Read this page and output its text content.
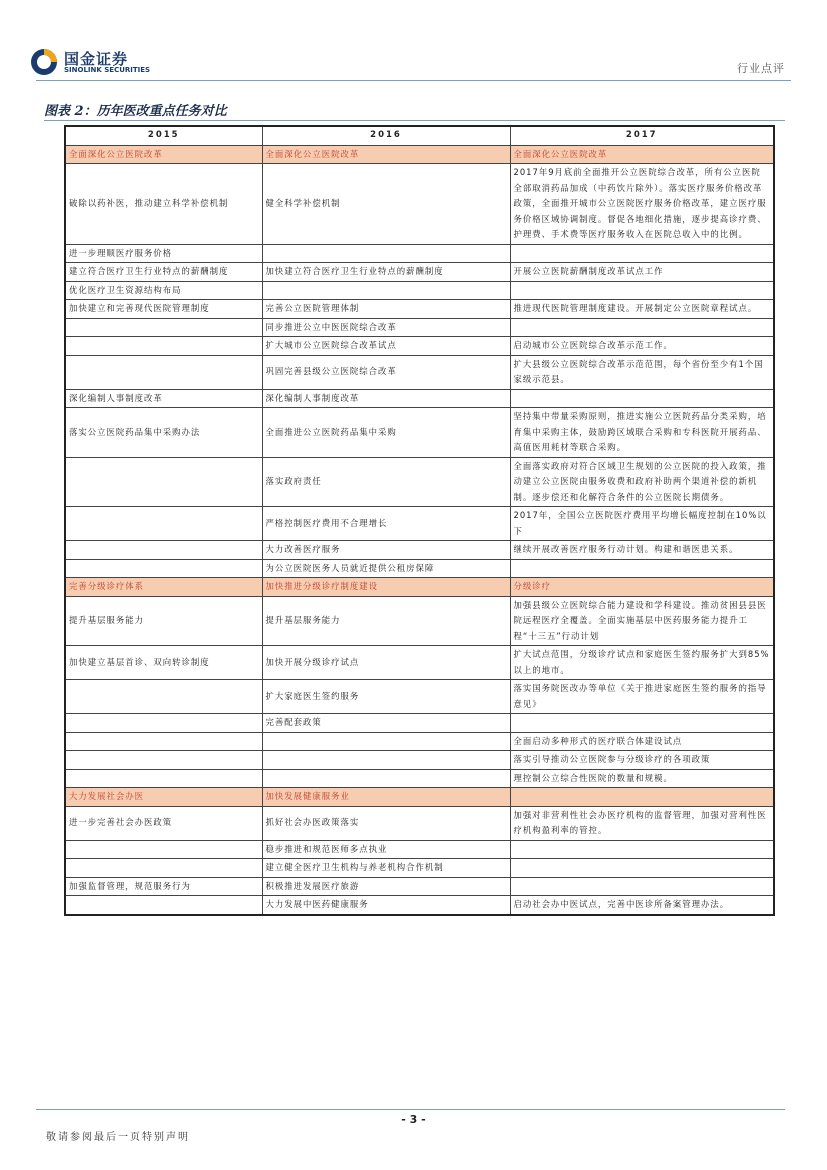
国金证券
SINOLINK SECURITIES	行业点评
图表 2：历年医改重点任务对比
2015	2016	2017
全面深化公立医院改革	全面深化公立医院改革	全面深化公立医院改革
破除以药补医，推动建立科学补偿机制	健全科学补偿机制	2017年9月底前全面推开公立医院综合改革，所有公立医院全部取消药品加成（中药饮片除外）。落实医疗服务价格改革政策，全面推开城市公立医院医疗服务价格改革，建立医疗服务价格区域协调制度。督促各地细化措施，逐步提高诊疗费、护理费、手术费等医疗服务收入在医院总收入中的比例。
进一步理顺医疗服务价格		
建立符合医疗卫生行业特点的薪酬制度	加快建立符合医疗卫生行业特点的薪酬制度	开展公立医院薪酬制度改革试点工作
优化医疗卫生资源结构布局		
加快建立和完善现代医院管理制度	完善公立医院管理体制	推进现代医院管理制度建设。开展制定公立医院章程试点。
	同步推进公立中医医院综合改革	
	扩大城市公立医院综合改革试点	启动城市公立医院综合改革示范工作。
	巩固完善县级公立医院综合改革	扩大县级公立医院综合改革示范范围，每个省份至少有1个国家级示范县。
深化编制人事制度改革	深化编制人事制度改革	
落实公立医院药品集中采购办法	全面推进公立医院药品集中采购	坚持集中带量采购原则，推进实施公立医院药品分类采购，培育集中采购主体，鼓励跨区域联合采购和专科医院开展药品、高值医用耗材等联合采购。
	落实政府责任	全面落实政府对符合区域卫生规划的公立医院的投入政策，推动建立公立医院由服务收费和政府补助两个渠道补偿的新机制。逐步偿还和化解符合条件的公立医院长期债务。
	严格控制医疗费用不合理增长	2017年，全国公立医院医疗费用平均增长幅度控制在10%以下
	大力改善医疗服务	继续开展改善医疗服务行动计划。构建和谐医患关系。
	为公立医院医务人员就近提供公租房保障	
完善分级诊疗体系	加快推进分级诊疗制度建设	分级诊疗
提升基层服务能力	提升基层服务能力	加强县级公立医院综合能力建设和学科建设。推动贫困县县医院远程医疗全覆盖。全面实施基层中医药服务能力提升工程“十三五”行动计划
加快建立基层首诊、双向转诊制度	加快开展分级诊疗试点	扩大试点范围，分级诊疗试点和家庭医生签约服务扩大到85%以上的地市。
	扩大家庭医生签约服务	落实国务院医改办等单位《关于推进家庭医生签约服务的指导意见》
	完善配套政策	
		全面启动多种形式的医疗联合体建设试点
		落实引导推动公立医院参与分级诊疗的各项政策
		理控制公立综合性医院的数量和规模。
大力发展社会办医	加快发展健康服务业	
进一步完善社会办医政策	抓好社会办医政策落实	加强对非营利性社会办医疗机构的监督管理，加强对营利性医疗机构盈利率的管控。
	稳步推进和规范医师多点执业	
	建立健全医疗卫生机构与养老机构合作机制	
加强监督管理，规范服务行为	积极推进发展医疗旅游	
	大力发展中医药健康服务	启动社会办中医试点，完善中医诊所备案管理办法。
- 3 -
敬请参阅最后一页特别声明
